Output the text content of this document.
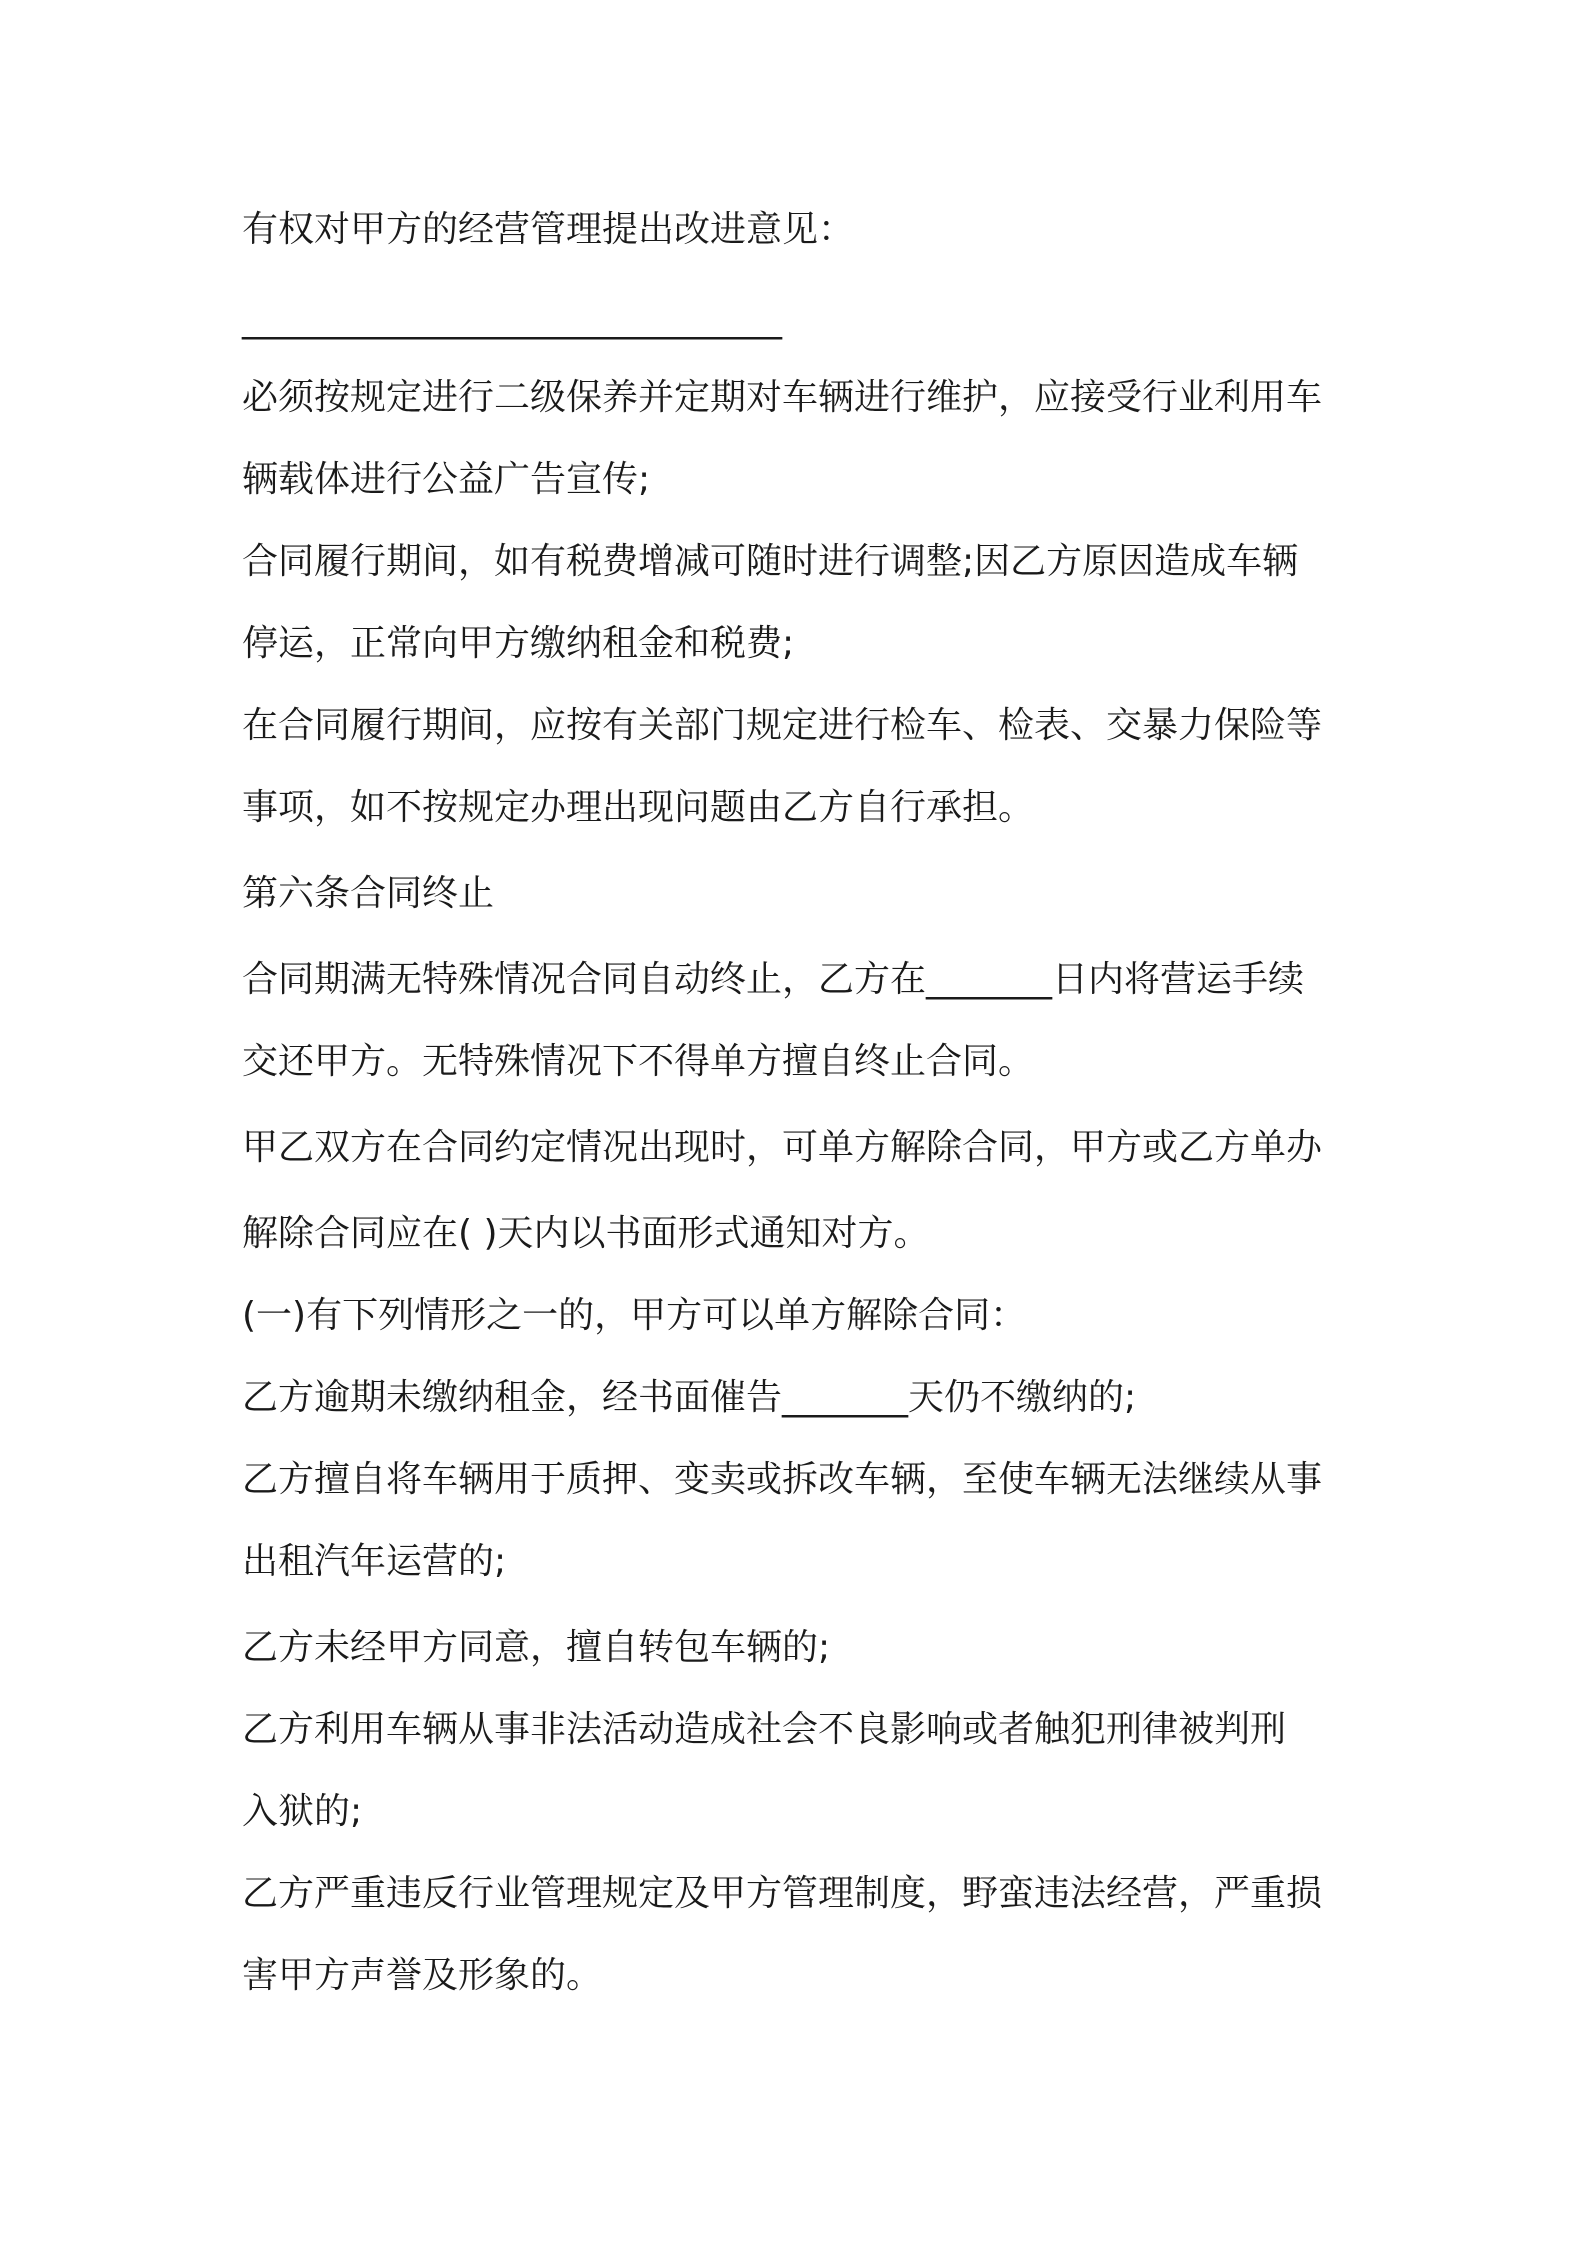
有权对甲方的经营管理提出改进意见：
______________________________
必须按规定进行二级保养并定期对车辆进行维护，应接受行业利用车
辆载体进行公益广告宣传;
合同履行期间，如有税费增减可随时进行调整;因乙方原因造成车辆
停运，正常向甲方缴纳租金和税费;
在合同履行期间，应按有关部门规定进行检车、检表、交暴力保险等
事项，如不按规定办理出现问题由乙方自行承担。
第六条合同终止
合同期满无特殊情况合同自动终止，乙方在_______日内将营运手续
交还甲方。无特殊情况下不得单方擅自终止合同。
甲乙双方在合同约定情况出现时，可单方解除合同，甲方或乙方单办
解除合同应在( )天内以书面形式通知对方。
(一)有下列情形之一的，甲方可以单方解除合同：
乙方逾期未缴纳租金，经书面催告_______天仍不缴纳的;
乙方擅自将车辆用于质押、变卖或拆改车辆，至使车辆无法继续从事
出租汽年运营的;
乙方未经甲方同意，擅自转包车辆的;
乙方利用车辆从事非法活动造成社会不良影响或者触犯刑律被判刑
入狱的;
乙方严重违反行业管理规定及甲方管理制度，野蛮违法经营，严重损
害甲方声誉及形象的。
